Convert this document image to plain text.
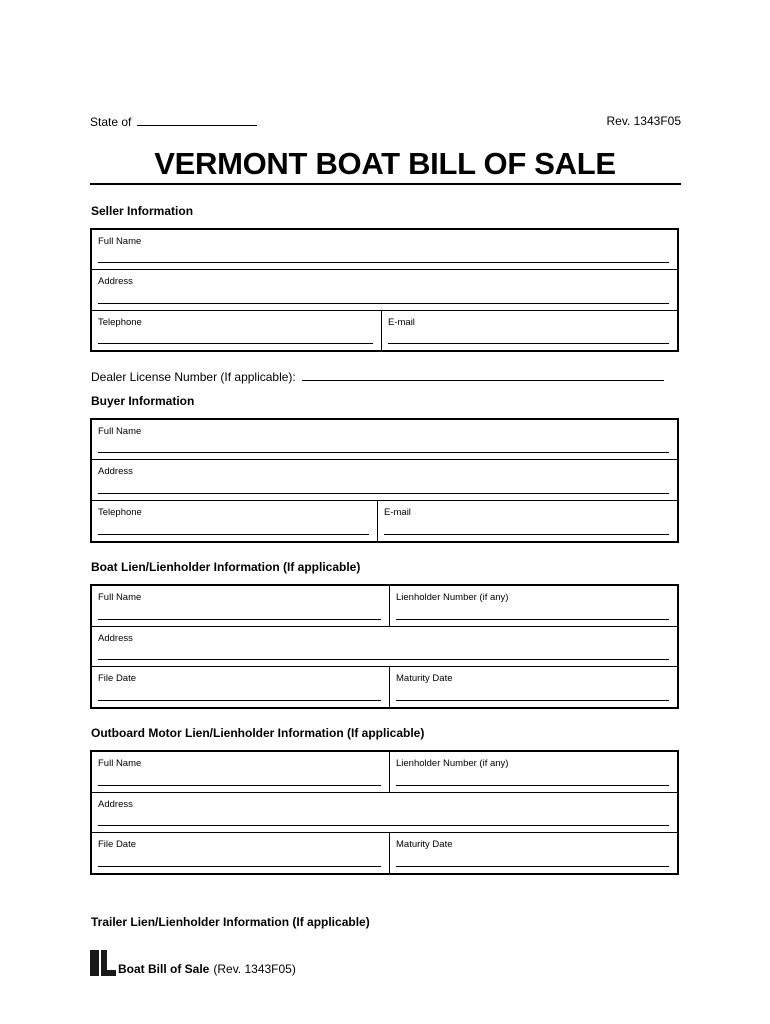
State of	Rev. 1343F05
VERMONT BOAT BILL OF SALE
Seller Information
Full Name
Address
Telephone	E-mail
Dealer License Number (If applicable):
Buyer Information
Full Name
Address
Telephone	E-mail
Boat Lien/Lienholder Information (If applicable)
Full Name	Lienholder Number (if any)
Address
File Date	Maturity Date
Outboard Motor Lien/Lienholder Information (If applicable)
Full Name	Lienholder Number (if any)
Address
File Date	Maturity Date
Trailer Lien/Lienholder Information (If applicable)
Boat Bill of Sale (Rev. 1343F05)
